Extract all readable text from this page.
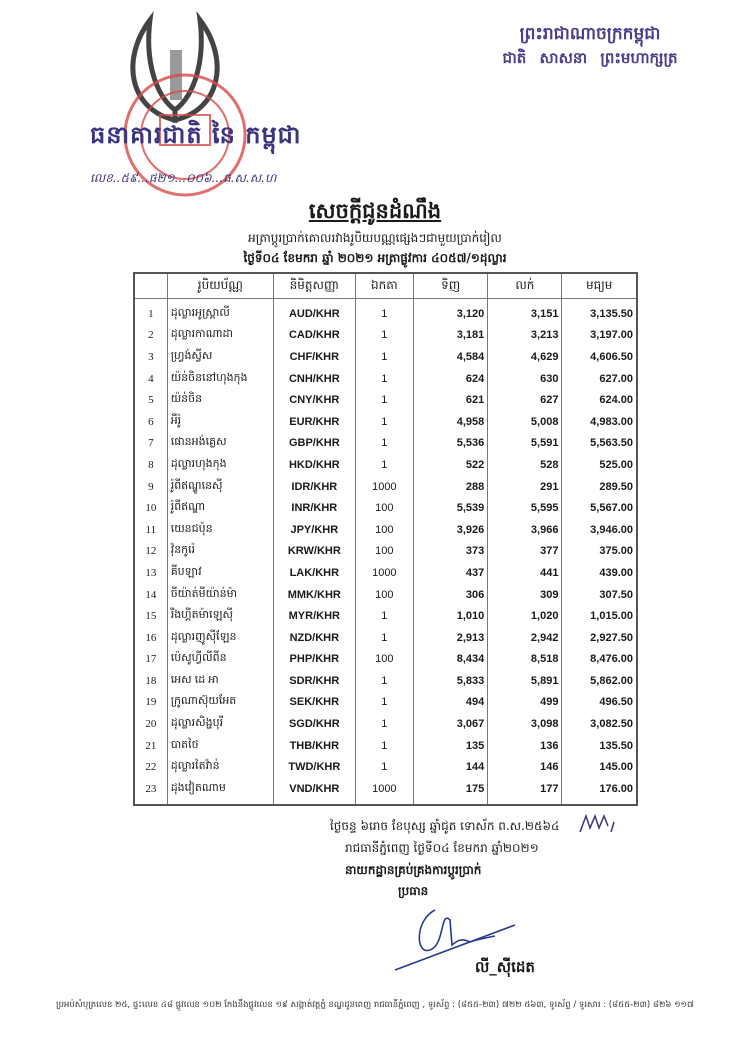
ព្រះរាជាណាចក្រកម្ពុជា
ជាតិ សាសនា ព្រះមហាក្សត្រ
ធនាគារជាតិ នៃ កម្ពុជា
លេខ..៥៩...ផ២១...០០៦...ធ.ស.ស.ហ
សេចក្តីជូនដំណឹង
អត្រាប្តូរប្រាក់គោលរវាងរូបិយបណ្ណផ្សេងៗជាមួយប្រាក់រៀល
ថ្ងៃទី០៤ ខែមករា ឆ្នាំ ២០២១ អត្រាផ្លូវការ ៤០៥៧/១ដុល្លារ
	រូបិយប័ណ្ណ	និមិត្តសញ្ញា	ឯកតា	ទិញ	លក់	មធ្យម
1	ដុល្លារអូស្ត្រាលី	AUD/KHR	1	3,120	3,151	3,135.50
2	ដុល្លារកាណាដា	CAD/KHR	1	3,181	3,213	3,197.00
3	ហ្វ្រង់ស្វីស	CHF/KHR	1	4,584	4,629	4,606.50
4	យ៉ន់ចិននៅហុងកុង	CNH/KHR	1	624	630	627.00
5	យ៉ន់ចិន	CNY/KHR	1	621	627	624.00
6	អឺរ៉ូ	EUR/KHR	1	4,958	5,008	4,983.00
7	ផោនអង់គ្លេស	GBP/KHR	1	5,536	5,591	5,563.50
8	ដុល្លារហុងកុង	HKD/KHR	1	522	528	525.00
9	រ៉ូពីឥណ្ឌូនេស៊ី	IDR/KHR	1000	288	291	289.50
10	រ៉ូពីឥណ្ឌា	INR/KHR	100	5,539	5,595	5,567.00
11	យេនជប៉ុន	JPY/KHR	100	3,926	3,966	3,946.00
12	វ៉ុនកូរ៉េ	KRW/KHR	100	373	377	375.00
13	គីបឡាវ	LAK/KHR	1000	437	441	439.00
14	ចីយ៉ាត់មីយ៉ាន់ម៉ា	MMK/KHR	100	306	309	307.50
15	រីងហ្គីតម៉ាឡេស៊ី	MYR/KHR	1	1,010	1,020	1,015.00
16	ដុល្លារញូស៊ីឡែន	NZD/KHR	1	2,913	2,942	2,927.50
17	ប៉េសូហ្វីលីពីន	PHP/KHR	100	8,434	8,518	8,476.00
18	អេស ដេ អា	SDR/KHR	1	5,833	5,891	5,862.00
19	ក្រូណាស៊ុយអែត	SEK/KHR	1	494	499	496.50
20	ដុល្លារសិង្ហបុរី	SGD/KHR	1	3,067	3,098	3,082.50
21	បាតថៃ	THB/KHR	1	135	136	135.50
22	ដុល្លារតៃវ៉ាន់	TWD/KHR	1	144	146	145.00
23	ដុងវៀតណាម	VND/KHR	1000	175	177	176.00
ថ្ងៃចន្ទ ៦រោច ខែបុស្ស ឆ្នាំជូត ទោស័ក ព.ស.២៥៦៤
រាជធានីភ្នំពេញ ថ្ងៃទី០៤ ខែមករា ឆ្នាំ២០២១
នាយកដ្ឋានគ្រប់គ្រងការប្តូរប្រាក់
ប្រធាន
លី_ស៊ីដេត
ប្រអប់សំបុត្រលេខ ២៥, ផ្ទះលេខ ៤៨ ផ្លូវលេខ ១០២ កែងនឹងផ្លូវលេខ ១៩ សង្កាត់វត្តភ្នំ ខណ្ឌដូនពេញ រាជធានីភ្នំពេញ , ទូរស័ព្ទ : (៨៥៥-២៣) ៧២២ ៥៦៣, ទូរស័ព្ទ / ទូរសារ : (៨៥៥-២៣) ៨២៦ ១១៧
